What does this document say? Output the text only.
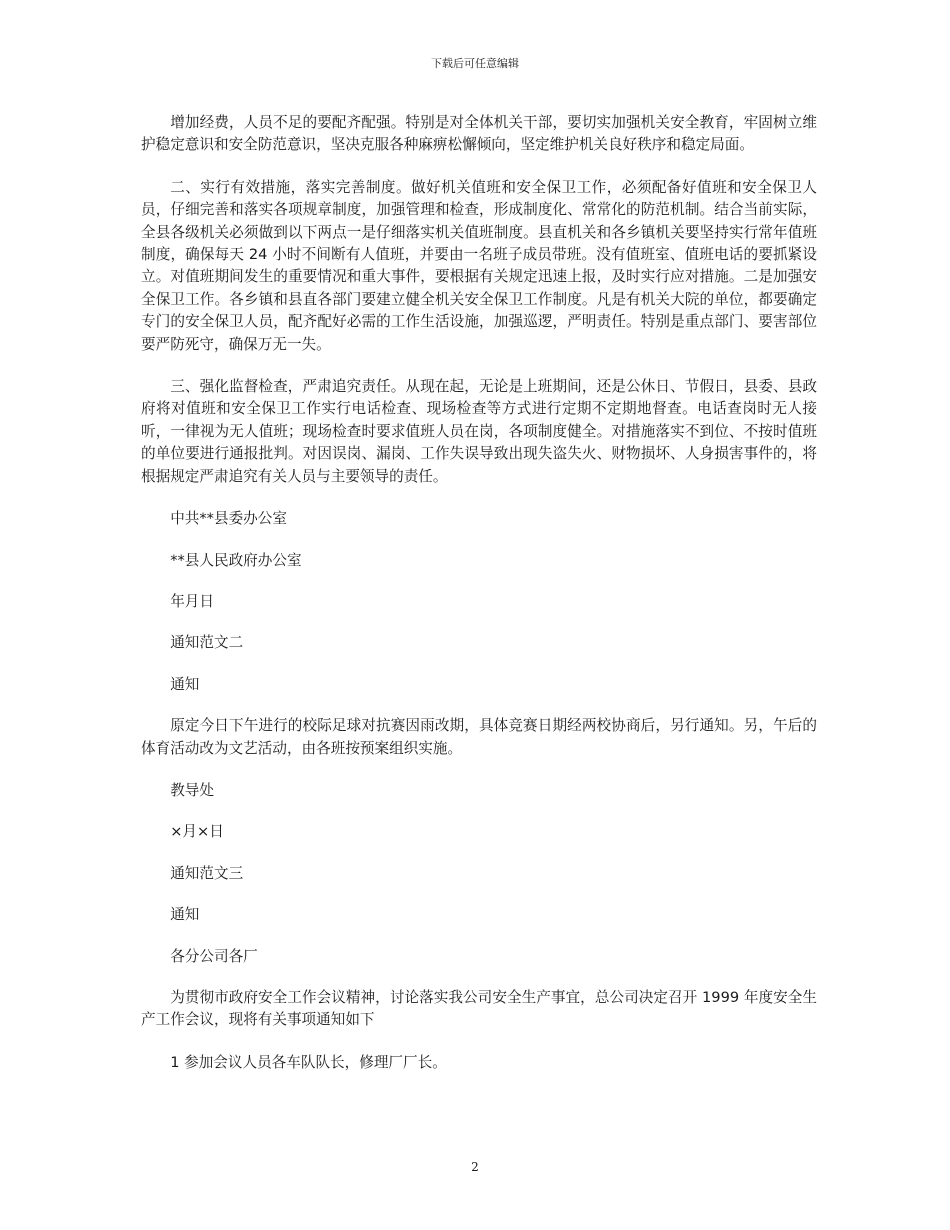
下载后可任意编辑

增加经费，人员不足的要配齐配强。特别是对全体机关干部，要切实加强机关安全教育，牢固树立维护稳定意识和安全防范意识，坚决克服各种麻痹松懈倾向，坚定维护机关良好秩序和稳定局面。

二、实行有效措施，落实完善制度。做好机关值班和安全保卫工作，必须配备好值班和安全保卫人员，仔细完善和落实各项规章制度，加强管理和检查，形成制度化、常常化的防范机制。结合当前实际，全县各级机关必须做到以下两点一是仔细落实机关值班制度。县直机关和各乡镇机关要坚持实行常年值班制度，确保每天 24 小时不间断有人值班，并要由一名班子成员带班。没有值班室、值班电话的要抓紧设立。对值班期间发生的重要情况和重大事件，要根据有关规定迅速上报，及时实行应对措施。二是加强安全保卫工作。各乡镇和县直各部门要建立健全机关安全保卫工作制度。凡是有机关大院的单位，都要确定专门的安全保卫人员，配齐配好必需的工作生活设施，加强巡逻，严明责任。特别是重点部门、要害部位要严防死守，确保万无一失。

三、强化监督检查，严肃追究责任。从现在起，无论是上班期间，还是公休日、节假日，县委、县政府将对值班和安全保卫工作实行电话检查、现场检查等方式进行定期不定期地督查。电话查岗时无人接听，一律视为无人值班；现场检查时要求值班人员在岗，各项制度健全。对措施落实不到位、不按时值班的单位要进行通报批判。对因误岗、漏岗、工作失误导致出现失盗失火、财物损坏、人身损害事件的，将根据规定严肃追究有关人员与主要领导的责任。

中共**县委办公室

**县人民政府办公室

年月日

通知范文二

通知

原定今日下午进行的校际足球对抗赛因雨改期，具体竞赛日期经两校协商后，另行通知。另，午后的体育活动改为文艺活动，由各班按预案组织实施。

教导处

×月×日

通知范文三

通知

各分公司各厂

为贯彻市政府安全工作会议精神，讨论落实我公司安全生产事宜，总公司决定召开 1999 年度安全生产工作会议，现将有关事项通知如下

1 参加会议人员各车队队长，修理厂厂长。

2
